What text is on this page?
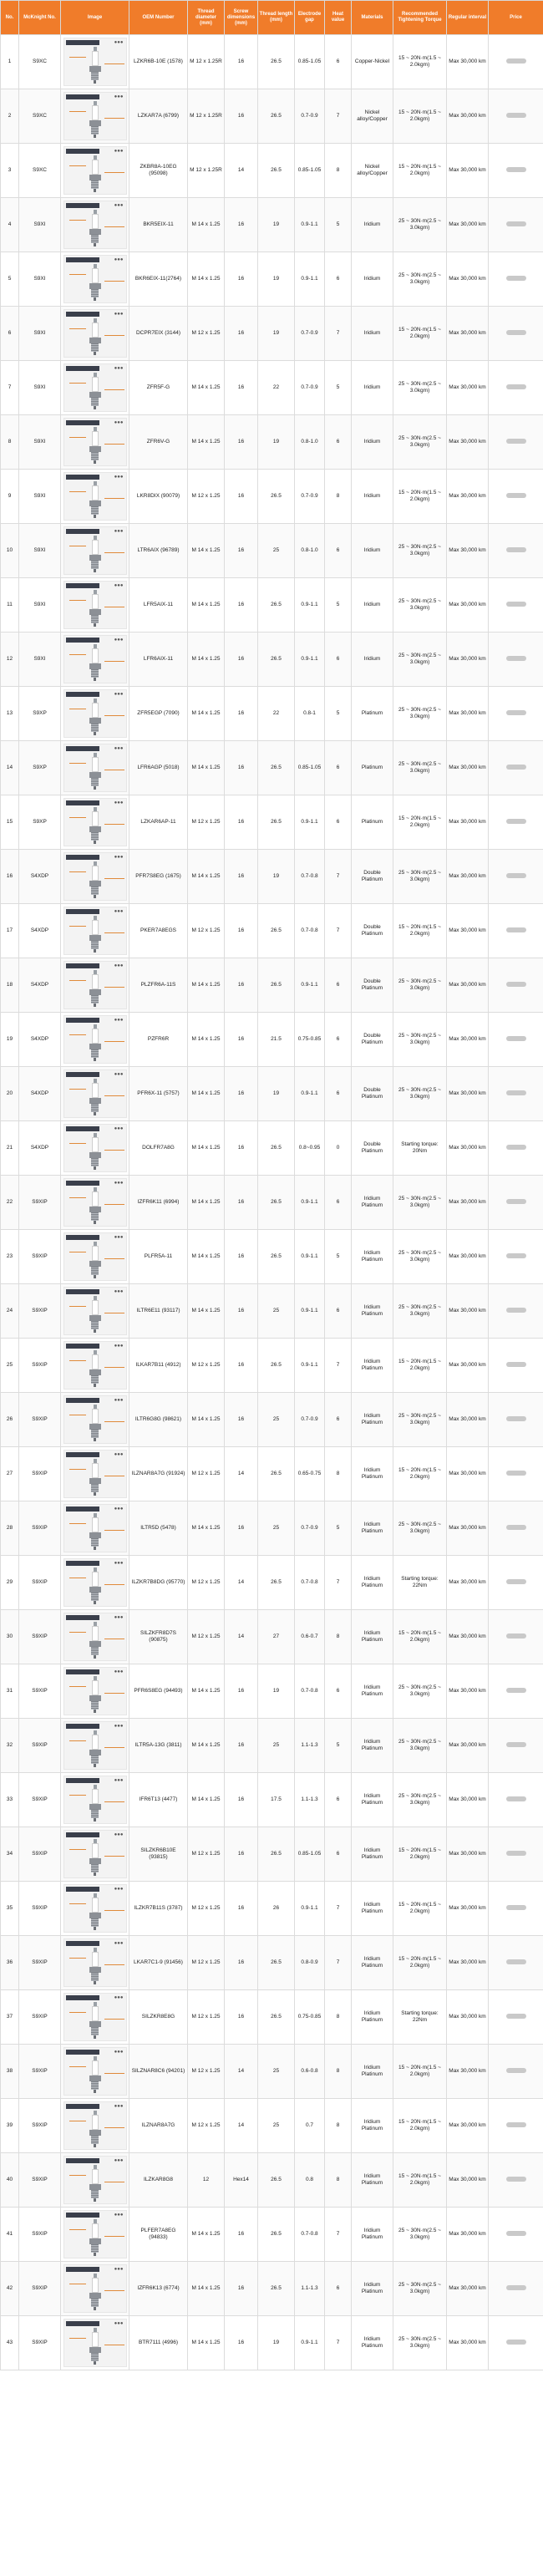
No.	McKnight No.	Image	OEM Number	Thread diameter (mm)	Screw dimensions (mm)	Thread length (mm)	Electrode gap	Heat value	Materials	Recommended Tightening Torque	Regular interval	Price
1	S9XC	●●●	LZKR6B-10E (1578)	M 12 x 1.25R	16	26.5	0.85-1.05	6	Copper-Nickel	15 ~ 20N·m(1.5 ~ 2.0kgm)	Max 30,000 km	
2	S9XC	●●●	LZKAR7A (6799)	M 12 x 1.25R	16	26.5	0.7-0.9	7	Nickel alloy/Copper	15 ~ 20N·m(1.5 ~ 2.0kgm)	Max 30,000 km	
3	S9XC	●●●	ZKBR8A-10EG (95098)	M 12 x 1.25R	14	26.5	0.85-1.05	8	Nickel alloy/Copper	15 ~ 20N·m(1.5 ~ 2.0kgm)	Max 30,000 km	
4	S9XI	●●●	BKR5EIX-11	M 14 x 1.25	16	19	0.9-1.1	5	Iridium	25 ~ 30N·m(2.5 ~ 3.0kgm)	Max 30,000 km	
5	S9XI	●●●	BKR6EIX-11(2764)	M 14 x 1.25	16	19	0.9-1.1	6	Iridium	25 ~ 30N·m(2.5 ~ 3.0kgm)	Max 30,000 km	
6	S9XI	●●●	DCPR7EIX (3144)	M 12 x 1.25	16	19	0.7-0.9	7	Iridium	15 ~ 20N·m(1.5 ~ 2.0kgm)	Max 30,000 km	
7	S9XI	●●●	ZFR5F-G	M 14 x 1.25	16	22	0.7-0.9	5	Iridium	25 ~ 30N·m(2.5 ~ 3.0kgm)	Max 30,000 km	
8	S9XI	●●●	ZFR6V-G	M 14 x 1.25	16	19	0.8-1.0	6	Iridium	25 ~ 30N·m(2.5 ~ 3.0kgm)	Max 30,000 km	
9	S9XI	●●●	LKR8DIX (90079)	M 12 x 1.25	16	26.5	0.7-0.9	8	Iridium	15 ~ 20N·m(1.5 ~ 2.0kgm)	Max 30,000 km	
10	S9XI	●●●	LTR6AIX (96789)	M 14 x 1.25	16	25	0.8-1.0	6	Iridium	25 ~ 30N·m(2.5 ~ 3.0kgm)	Max 30,000 km	
11	S9XI	●●●	LFR5AIX-11	M 14 x 1.25	16	26.5	0.9-1.1	5	Iridium	25 ~ 30N·m(2.5 ~ 3.0kgm)	Max 30,000 km	
12	S9XI	●●●	LFR6AIX-11	M 14 x 1.25	16	26.5	0.9-1.1	6	Iridium	25 ~ 30N·m(2.5 ~ 3.0kgm)	Max 30,000 km	
13	S9XP	●●●	ZFR5EGP (7090)	M 14 x 1.25	16	22	0.8-1	5	Platinum	25 ~ 30N·m(2.5 ~ 3.0kgm)	Max 30,000 km	
14	S9XP	●●●	LFR6AGP (5018)	M 14 x 1.25	16	26.5	0.85-1.05	6	Platinum	25 ~ 30N·m(2.5 ~ 3.0kgm)	Max 30,000 km	
15	S9XP	●●●	LZKAR6AP-11	M 12 x 1.25	16	26.5	0.9-1.1	6	Platinum	15 ~ 20N·m(1.5 ~ 2.0kgm)	Max 30,000 km	
16	S4XDP	●●●	PFR7S8EG (1675)	M 14 x 1.25	16	19	0.7-0.8	7	Double Platinum	25 ~ 30N·m(2.5 ~ 3.0kgm)	Max 30,000 km	
17	S4XDP	●●●	PKER7A8EGS	M 12 x 1.25	16	26.5	0.7-0.8	7	Double Platinum	15 ~ 20N·m(1.5 ~ 2.0kgm)	Max 30,000 km	
18	S4XDP	●●●	PLZFR6A-11S	M 14 x 1.25	16	26.5	0.9-1.1	6	Double Platinum	25 ~ 30N·m(2.5 ~ 3.0kgm)	Max 30,000 km	
19	S4XDP	●●●	PZFR6R	M 14 x 1.25	16	21.5	0.75-0.85	6	Double Platinum	25 ~ 30N·m(2.5 ~ 3.0kgm)	Max 30,000 km	
20	S4XDP	●●●	PFR6X-11 (5757)	M 14 x 1.25	16	19	0.9-1.1	6	Double Platinum	25 ~ 30N·m(2.5 ~ 3.0kgm)	Max 30,000 km	
21	S4XDP	●●●	DOLFR7A8G	M 14 x 1.25	16	26.5	0.8~0.95	0	Double Platinum	Starting torque: 20Nm	Max 30,000 km	
22	S9XIP	●●●	IZFR6K11 (6994)	M 14 x 1.25	16	26.5	0.9-1.1	6	Iridium Platinum	25 ~ 30N·m(2.5 ~ 3.0kgm)	Max 30,000 km	
23	S9XIP	●●●	PLFR5A-11	M 14 x 1.25	16	26.5	0.9-1.1	5	Iridium Platinum	25 ~ 30N·m(2.5 ~ 3.0kgm)	Max 30,000 km	
24	S9XIP	●●●	ILTR6E11 (93117)	M 14 x 1.25	16	25	0.9-1.1	6	Iridium Platinum	25 ~ 30N·m(2.5 ~ 3.0kgm)	Max 30,000 km	
25	S9XIP	●●●	ILKAR7B11 (4912)	M 12 x 1.25	16	26.5	0.9-1.1	7	Iridium Platinum	15 ~ 20N·m(1.5 ~ 2.0kgm)	Max 30,000 km	
26	S9XIP	●●●	ILTR6G8G (98621)	M 14 x 1.25	16	25	0.7-0.9	6	Iridium Platinum	25 ~ 30N·m(2.5 ~ 3.0kgm)	Max 30,000 km	
27	S9XIP	●●●	ILZNAR8A7G (91924)	M 12 x 1.25	14	26.5	0.65-0.75	8	Iridium Platinum	15 ~ 20N·m(1.5 ~ 2.0kgm)	Max 30,000 km	
28	S9XIP	●●●	ILTR5D (5478)	M 14 x 1.25	16	25	0.7-0.9	5	Iridium Platinum	25 ~ 30N·m(2.5 ~ 3.0kgm)	Max 30,000 km	
29	S9XIP	●●●	ILZKR7B8DG (95770)	M 12 x 1.25	14	26.5	0.7-0.8	7	Iridium Platinum	Starting torque: 22Nm	Max 30,000 km	
30	S9XIP	●●●	SILZKFR8D7S (90875)	M 12 x 1.25	14	27	0.6-0.7	8	Iridium Platinum	15 ~ 20N·m(1.5 ~ 2.0kgm)	Max 30,000 km	
31	S9XIP	●●●	PFR6S8EG (94493)	M 14 x 1.25	16	19	0.7-0.8	6	Iridium Platinum	25 ~ 30N·m(2.5 ~ 3.0kgm)	Max 30,000 km	
32	S9XIP	●●●	ILTR5A-13G (3811)	M 14 x 1.25	16	25	1.1-1.3	5	Iridium Platinum	25 ~ 30N·m(2.5 ~ 3.0kgm)	Max 30,000 km	
33	S9XIP	●●●	IFR6T13 (4477)	M 14 x 1.25	16	17.5	1.1-1.3	6	Iridium Platinum	25 ~ 30N·m(2.5 ~ 3.0kgm)	Max 30,000 km	
34	S9XIP	●●●	SILZKR6B10E (93815)	M 12 x 1.25	16	26.5	0.85-1.05	6	Iridium Platinum	15 ~ 20N·m(1.5 ~ 2.0kgm)	Max 30,000 km	
35	S9XIP	●●●	ILZKR7B11S (3787)	M 12 x 1.25	16	26	0.9-1.1	7	Iridium Platinum	15 ~ 20N·m(1.5 ~ 2.0kgm)	Max 30,000 km	
36	S9XIP	●●●	LKAR7C1-9 (91456)	M 12 x 1.25	16	26.5	0.8-0.9	7	Iridium Platinum	15 ~ 20N·m(1.5 ~ 2.0kgm)	Max 30,000 km	
37	S9XIP	●●●	SILZKR8E8G	M 12 x 1.25	16	26.5	0.75-0.85	8	Iridium Platinum	Starting torque: 22Nm	Max 30,000 km	
38	S9XIP	●●●	SILZNAR8C6 (94201)	M 12 x 1.25	14	25	0.6-0.8	8	Iridium Platinum	15 ~ 20N·m(1.5 ~ 2.0kgm)	Max 30,000 km	
39	S9XIP	●●●	ILZNAR8A7G	M 12 x 1.25	14	25	0.7	8	Iridium Platinum	15 ~ 20N·m(1.5 ~ 2.0kgm)	Max 30,000 km	
40	S9XIP	●●●	ILZKAR8G8	12	Hex14	26.5	0.8	8	Iridium Platinum	15 ~ 20N·m(1.5 ~ 2.0kgm)	Max 30,000 km	
41	S9XIP	●●●	PLFER7A8EG (94833)	M 14 x 1.25	16	26.5	0.7-0.8	7	Iridium Platinum	25 ~ 30N·m(2.5 ~ 3.0kgm)	Max 30,000 km	
42	S9XIP	●●●	IZFR6K13 (6774)	M 14 x 1.25	16	26.5	1.1-1.3	6	Iridium Platinum	25 ~ 30N·m(2.5 ~ 3.0kgm)	Max 30,000 km	
43	S9XIP	●●●	BTR7111 (4996)	M 14 x 1.25	16	19	0.9-1.1	7	Iridium Platinum	25 ~ 30N·m(2.5 ~ 3.0kgm)	Max 30,000 km	
